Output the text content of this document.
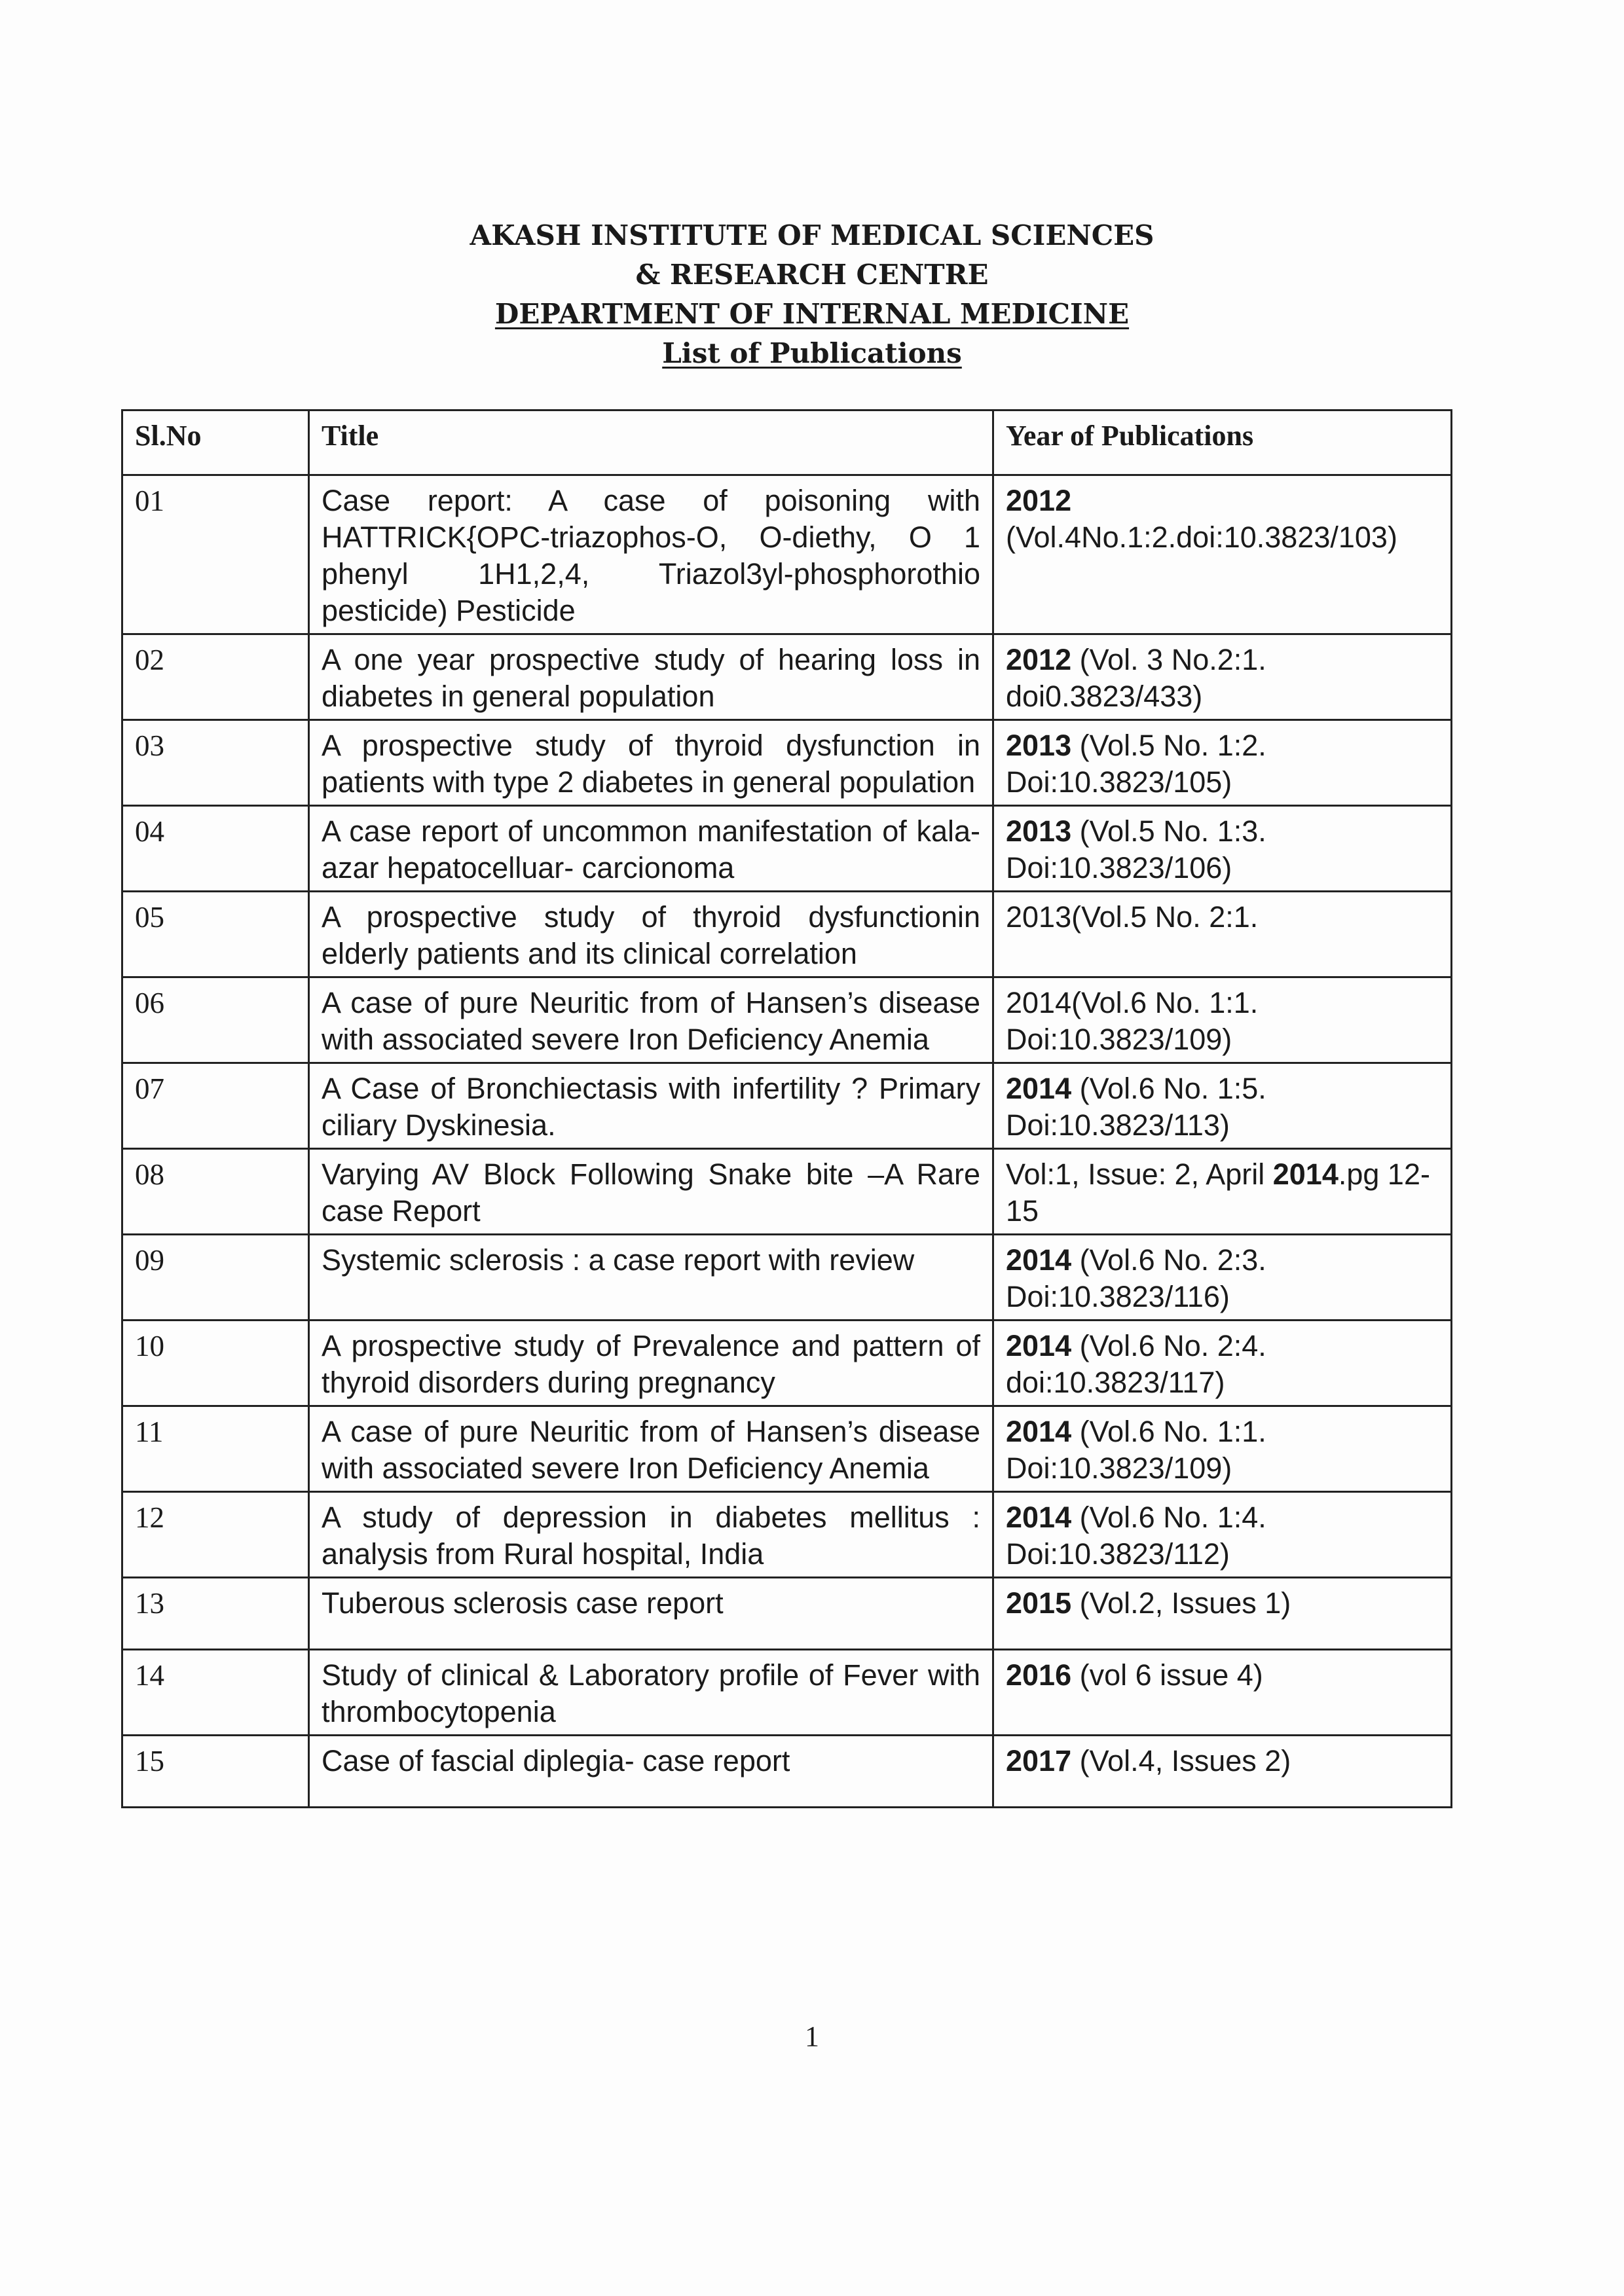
AKASH INSTITUTE OF MEDICAL SCIENCES
& RESEARCH CENTRE
DEPARTMENT OF INTERNAL MEDICINE
List of Publications
Sl.No	Title	Year of Publications
01	Case report: A case of poisoning with HATTRICK{OPC-triazophos-O, O-diethy, O 1 phenyl 1H1,2,4, Triazol3yl-phosphorothio pesticide) Pesticide	2012 (Vol.4No.1:2.doi:10.3823/103)
02	A one year prospective study of hearing loss in diabetes in general population	2012 (Vol. 3 No.2:1. doi0.3823/433)
03	A prospective study of thyroid dysfunction in patients with type 2 diabetes in general population	2013 (Vol.5 No. 1:2. Doi:10.3823/105)
04	A case report of uncommon manifestation of kala-azar hepatocelluar- carcionoma	2013 (Vol.5 No. 1:3. Doi:10.3823/106)
05	A prospective study of thyroid dysfunctionin elderly patients and its clinical correlation	2013(Vol.5 No. 2:1.
06	A case of pure Neuritic from of Hansen’s disease with associated severe Iron Deficiency Anemia	2014(Vol.6 No. 1:1. Doi:10.3823/109)
07	A Case of Bronchiectasis with infertility ? Primary ciliary Dyskinesia.	2014 (Vol.6 No. 1:5. Doi:10.3823/113)
08	Varying AV Block Following Snake bite –A Rare case Report	Vol:1, Issue: 2, April 2014.pg 12-15
09	Systemic sclerosis : a case report with review	2014 (Vol.6 No. 2:3. Doi:10.3823/116)
10	A prospective study of Prevalence and pattern of thyroid disorders during pregnancy	2014 (Vol.6 No. 2:4. doi:10.3823/117)
11	A case of pure Neuritic from of Hansen’s disease with associated severe Iron Deficiency Anemia	2014 (Vol.6 No. 1:1. Doi:10.3823/109)
12	A study of depression in diabetes mellitus : analysis from Rural hospital, India	2014 (Vol.6 No. 1:4. Doi:10.3823/112)
13	Tuberous sclerosis case report	2015 (Vol.2, Issues 1)
14	Study of clinical & Laboratory profile of Fever with thrombocytopenia	2016 (vol 6 issue 4)
15	Case of fascial diplegia- case report	2017 (Vol.4, Issues 2)
1
